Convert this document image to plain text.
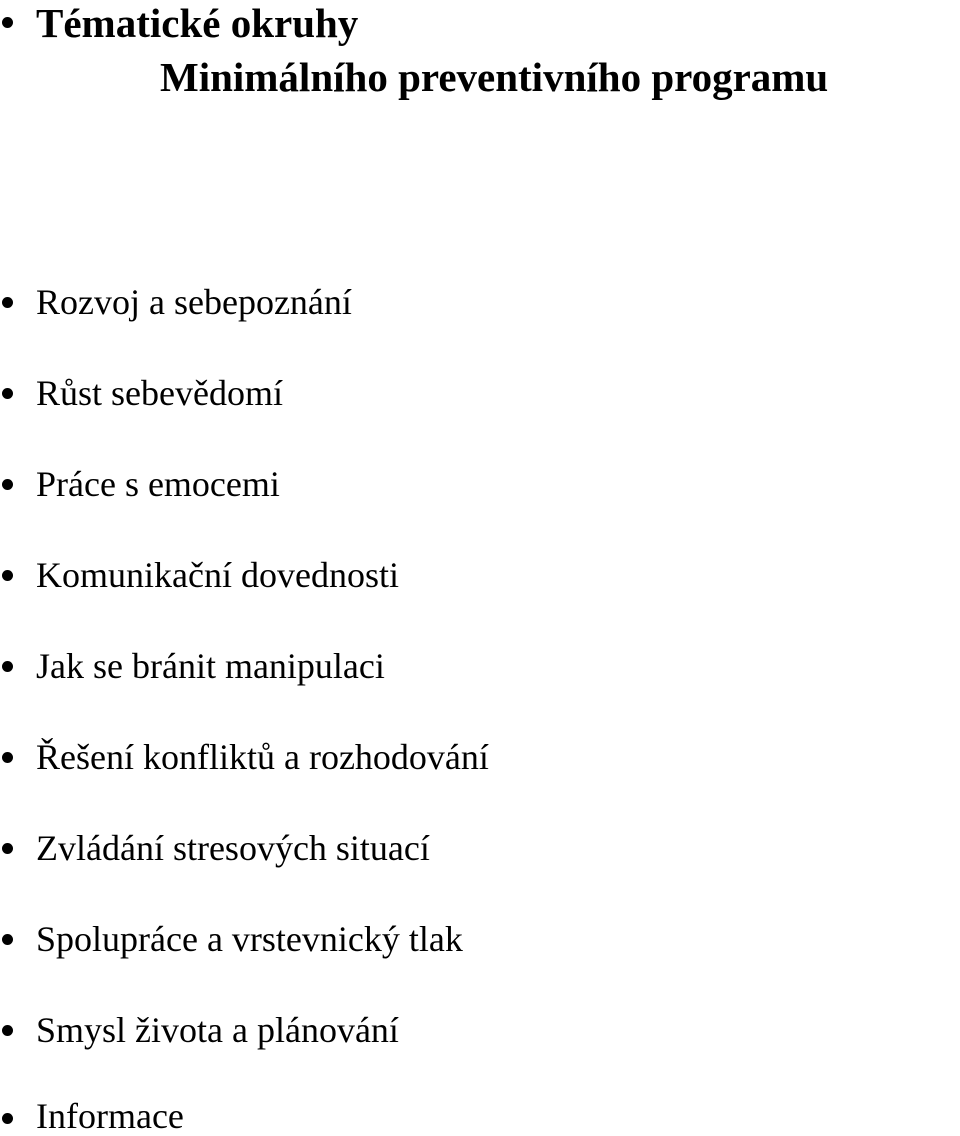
Tématické okruhy
Minimálního preventivního programu
Rozvoj a sebepoznání
Růst sebevědomí
Práce s emocemi
Komunikační dovednosti
Jak se bránit manipulaci
Řešení konfliktů a rozhodování
Zvládání stresových situací
Spolupráce a vrstevnický tlak
Smysl života a plánování
Informace
